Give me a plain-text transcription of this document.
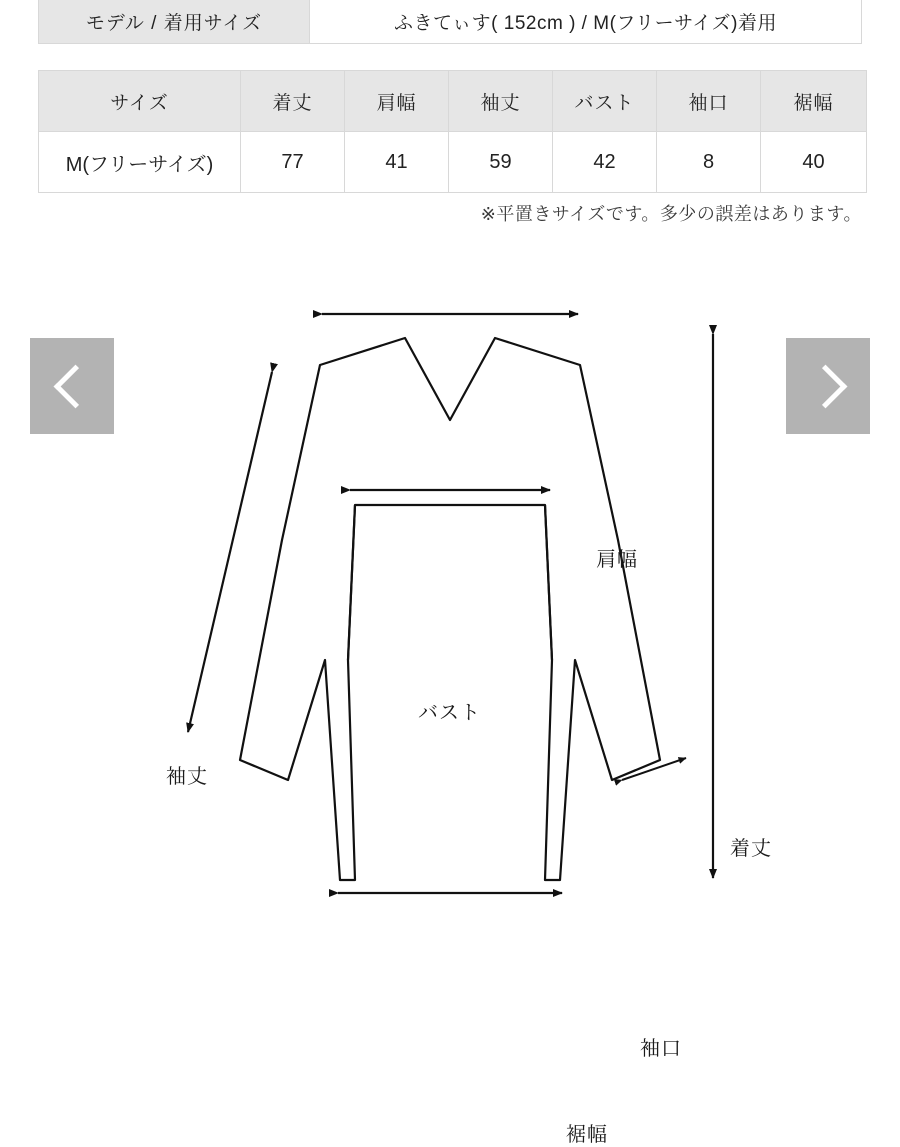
モデル / 着用サイズ	ふきてぃす( 152cm ) / M(フリーサイズ)着用
サイズ	着丈	肩幅	袖丈	バスト	袖口	裾幅
M(フリーサイズ)	77	41	59	42	8	40
※平置きサイズです。多少の誤差はあります。
肩幅
袖丈
バスト
着丈
袖口
裾幅
